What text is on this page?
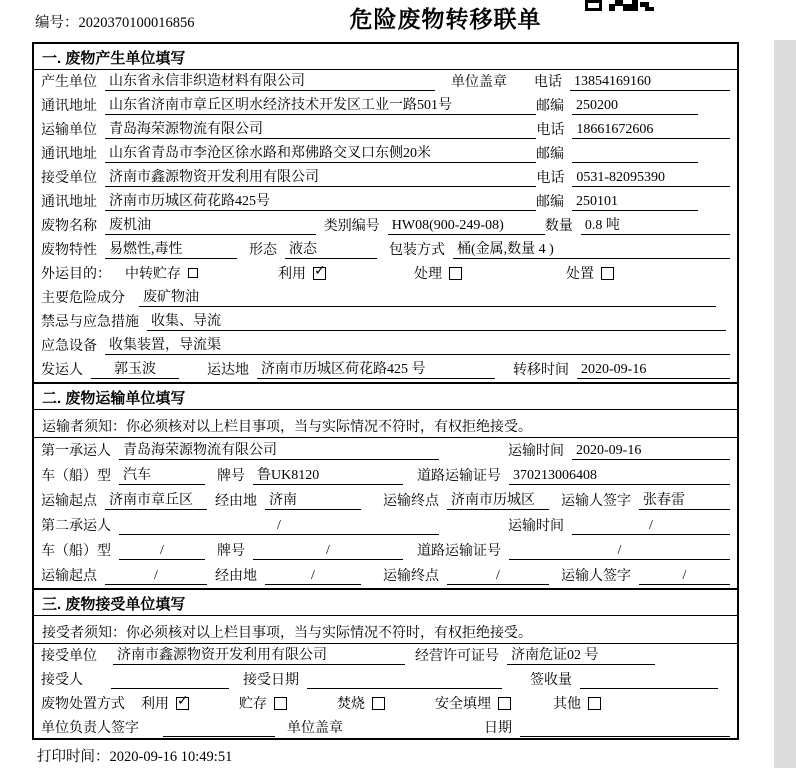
编号：2020370100016856	危险废物转移联单
一. 废物产生单位填写
产生单位 山东省永信非织造材料有限公司	单位盖章 电话 13854169160
通讯地址 山东省济南市章丘区明水经济技术开发区工业一路501号	邮编 250200
运输单位 青岛海荣源物流有限公司	电话 18661672606
通讯地址 山东省青岛市李沧区徐水路和郑佛路交叉口东侧20米	邮编
接受单位 济南市鑫源物资开发利用有限公司	电话 0531-82095390
通讯地址 济南市历城区荷花路425号	邮编 250101
废物名称 废机油	类别编号 HW08(900-249-08)	数量 0.8 吨
废物特性 易燃性,毒性	形态 液态	包装方式 桶(金属,数量 4 )
外运目的： 中转贮存	利用 ✓	处理	处置
主要危险成分 废矿物油
禁忌与应急措施 收集、导流
应急设备 收集装置，导流渠
发运人	郭玉波	运达地 济南市历城区荷花路425 号	转移时间 2020-09-16
二. 废物运输单位填写
运输者须知：你必须核对以上栏目事项，当与实际情况不符时，有权拒绝接受。
第一承运人 青岛海荣源物流有限公司	运输时间 2020-09-16
车（船）型 汽车	牌号 鲁UK8120	道路运输证号 370213006408
运输起点 济南市章丘区	经由地 济南	运输终点 济南市历城区	运输人签字 张春雷
第二承运人	/	运输时间	/
车（船）型	/	牌号	/	道路运输证号	/
运输起点	/	经由地	/	运输终点	/	运输人签字	/
三. 废物接受单位填写
接受者须知：你必须核对以上栏目事项，当与实际情况不符时，有权拒绝接受。
接受单位 济南市鑫源物资开发利用有限公司	经营许可证号 济南危证02 号
接受人	接受日期	签收量
废物处置方式 利用 ✓	贮存	焚烧	安全填埋	其他
单位负责人签字	单位盖章	日期
打印时间：2020-09-16 10:49:51
